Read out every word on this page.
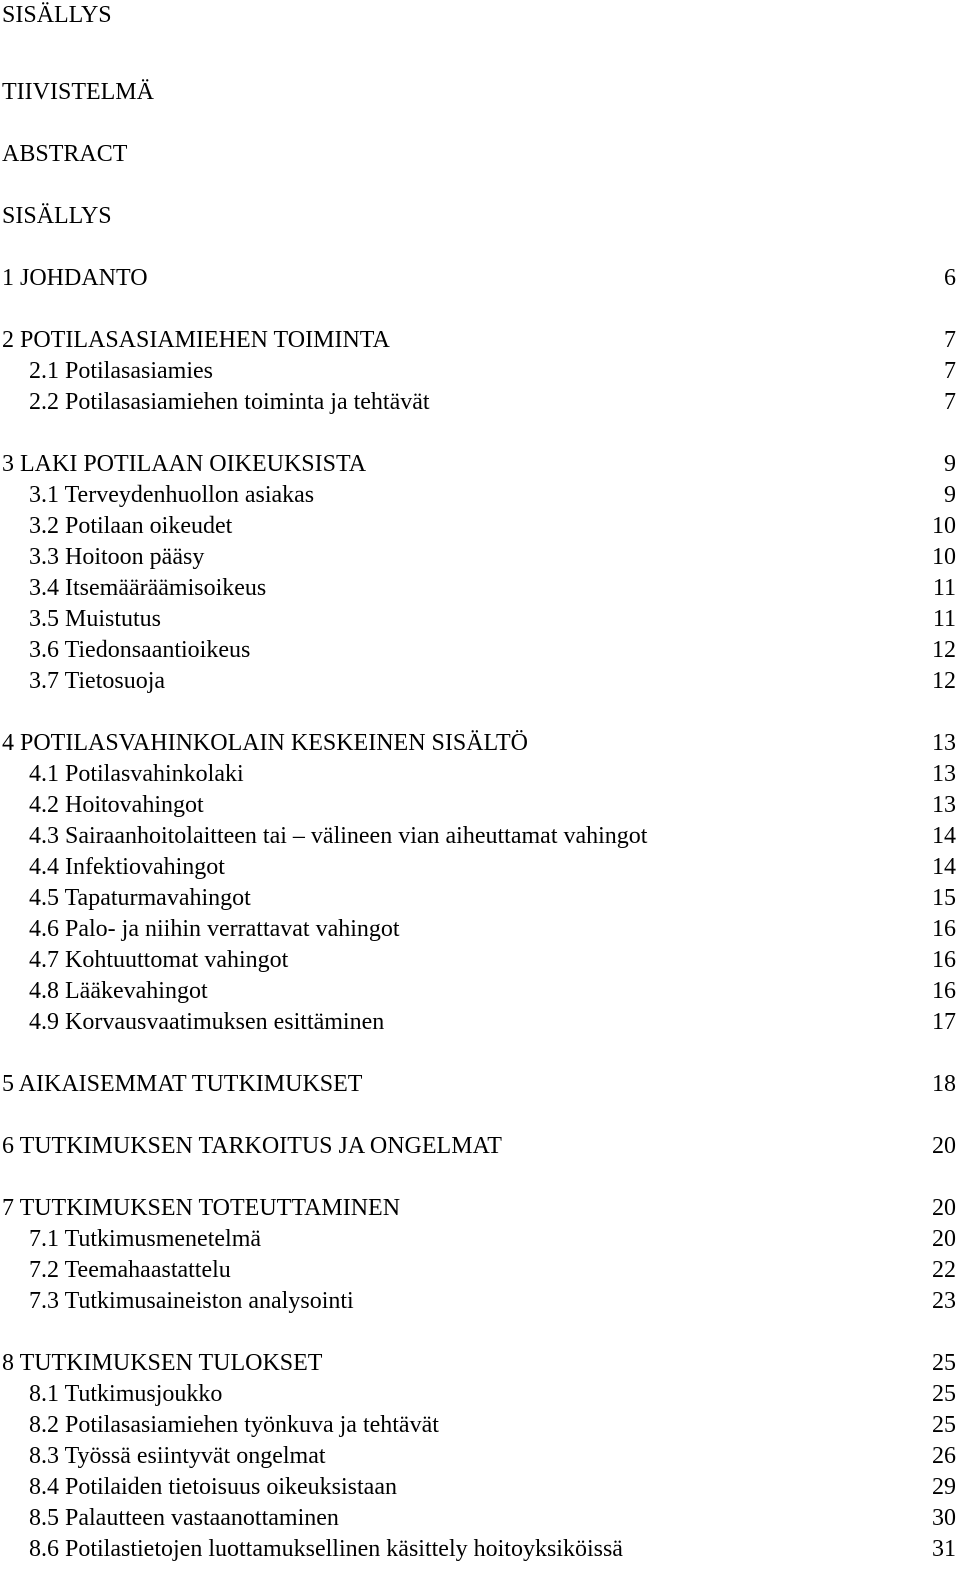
SISÄLLYS
TIIVISTELMÄ
ABSTRACT
SISÄLLYS
1 JOHDANTO	6
2 POTILASASIAMIEHEN TOIMINTA	7
2.1 Potilasasiamies	7
2.2 Potilasasiamiehen toiminta ja tehtävät	7
3 LAKI POTILAAN OIKEUKSISTA	9
3.1 Terveydenhuollon asiakas	9
3.2 Potilaan oikeudet	10
3.3 Hoitoon pääsy	10
3.4 Itsemääräämisoikeus	11
3.5 Muistutus	11
3.6 Tiedonsaantioikeus	12
3.7 Tietosuoja	12
4 POTILASVAHINKOLAIN KESKEINEN SISÄLTÖ	13
4.1 Potilasvahinkolaki	13
4.2 Hoitovahingot	13
4.3 Sairaanhoitolaitteen tai – välineen vian aiheuttamat vahingot	14
4.4 Infektiovahingot	14
4.5 Tapaturmavahingot	15
4.6 Palo- ja niihin verrattavat vahingot	16
4.7 Kohtuuttomat vahingot	16
4.8 Lääkevahingot	16
4.9 Korvausvaatimuksen esittäminen	17
5 AIKAISEMMAT TUTKIMUKSET	18
6 TUTKIMUKSEN TARKOITUS JA ONGELMAT	20
7 TUTKIMUKSEN TOTEUTTAMINEN	20
7.1 Tutkimusmenetelmä	20
7.2 Teemahaastattelu	22
7.3 Tutkimusaineiston analysointi	23
8 TUTKIMUKSEN TULOKSET	25
8.1 Tutkimusjoukko	25
8.2 Potilasasiamiehen työnkuva ja tehtävät	25
8.3 Työssä esiintyvät ongelmat	26
8.4 Potilaiden tietoisuus oikeuksistaan	29
8.5 Palautteen vastaanottaminen	30
8.6 Potilastietojen luottamuksellinen käsittely hoitoyksiköissä	31
